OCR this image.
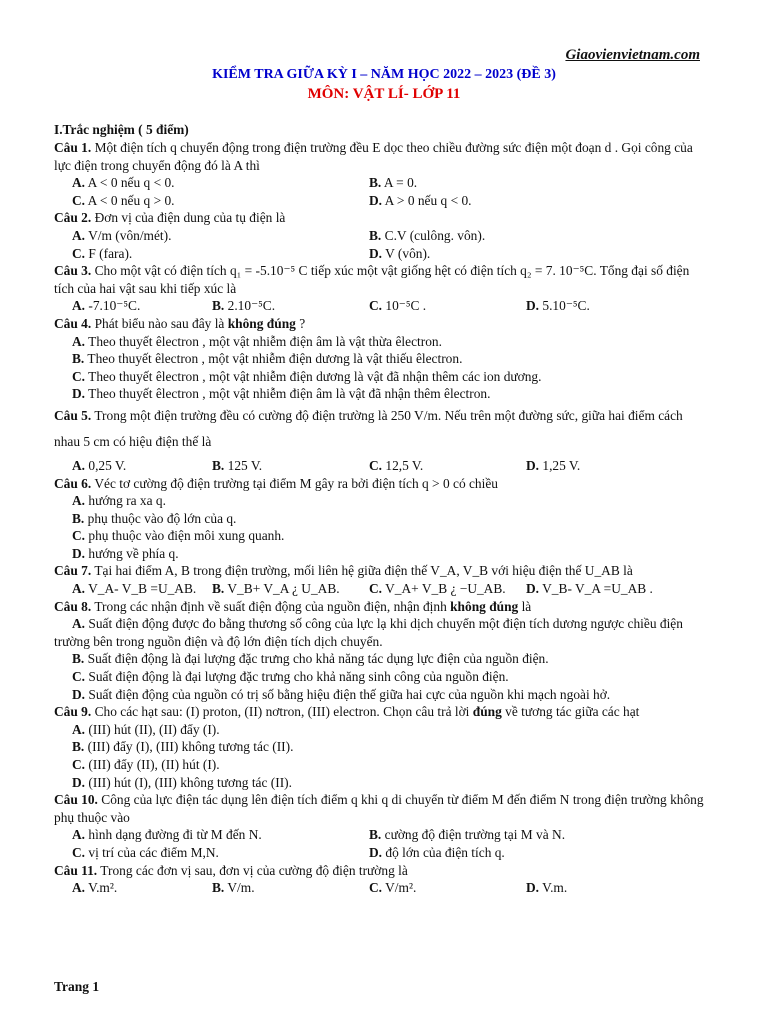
Giaovienvietnam.com
KIỂM TRA GIỮA KỲ I – NĂM HỌC 2022 – 2023 (ĐỀ 3)
MÔN: VẬT LÍ- LỚP 11
I.Trắc nghiệm ( 5 điểm)
Câu 1. Một điện tích q chuyển động trong điện trường đều E dọc theo chiều đường sức điện một đoạn d . Gọi công của lực điện trong chuyển động đó là A thì
A. A < 0 nếu q < 0.	B. A = 0.
C. A < 0 nếu q > 0.	D. A > 0 nếu q < 0.
Câu 2. Đơn vị của điện dung của tụ điện là
A. V/m (vôn/mét).	B. C.V (culông. vôn).
C. F (fara).	D. V (vôn).
Câu 3. Cho một vật có điện tích q₁ = -5.10⁻⁵ C tiếp xúc một vật giống hệt có điện tích q₂ = 7. 10⁻⁵C. Tổng đại số điện tích của hai vật sau khi tiếp xúc là
A. -7.10⁻⁵C.	B. 2.10⁻⁵C.	C. 10⁻⁵C .	D. 5.10⁻⁵C.
Câu 4. Phát biểu nào sau đây là không đúng ?
A. Theo thuyết êlectron , một vật nhiễm điện âm là vật thừa êlectron.
B. Theo thuyết êlectron , một vật nhiễm điện dương là vật thiếu êlectron.
C. Theo thuyết êlectron , một vật nhiễm điện dương là vật đã nhận thêm các ion dương.
D. Theo thuyết êlectron , một vật nhiễm điện âm là vật đã nhận thêm êlectron.
Câu 5. Trong một điện trường đều có cường độ điện trường là 250 V/m. Nếu trên một đường sức, giữa hai điểm cách nhau 5 cm có hiệu điện thế là
A. 0,25 V.	B. 125 V.	C. 12,5 V.	D. 1,25 V.
Câu 6. Véc tơ cường độ điện trường tại điểm M gây ra bởi điện tích q > 0 có chiều
A. hướng ra xa q.
B. phụ thuộc vào độ lớn của q.
C. phụ thuộc vào điện môi xung quanh.
D. hướng về phía q.
Câu 7. Tại hai điểm A, B trong điện trường, mối liên hệ giữa điện thế V_A, V_B với hiệu điện thế U_AB là
A. V_A- V_B =U_AB.	B. V_B+ V_A ¿ U_AB.	C. V_A+ V_B ¿ −U_AB.	D. V_B- V_A =U_AB .
Câu 8. Trong các nhận định về suất điện động của nguồn điện, nhận định không đúng là
A. Suất điện động được đo bằng thương số công của lực lạ khi dịch chuyển một điện tích dương ngược chiều điện trường bên trong nguồn điện và độ lớn điện tích dịch chuyển.
B. Suất điện động là đại lượng đặc trưng cho khả năng tác dụng lực điện của nguồn điện.
C. Suất điện động là đại lượng đặc trưng cho khả năng sinh công của nguồn điện.
D. Suất điện động của nguồn có trị số bằng hiệu điện thế giữa hai cực của nguồn khi mạch ngoài hở.
Câu 9. Cho các hạt sau: (I) proton, (II) nơtron, (III) electron. Chọn câu trả lời đúng về tương tác giữa các hạt
A. (III) hút (II), (II) đẩy (I).
B. (III) đẩy (I), (III) không tương tác (II).
C. (III) đẩy (II), (II) hút (I).
D. (III) hút (I), (III) không tương tác (II).
Câu 10. Công của lực điện tác dụng lên điện tích điểm q khi q di chuyển từ điểm M đến điểm N trong điện trường không phụ thuộc vào
A. hình dạng đường đi từ M đến N.	B. cường độ điện trường tại M và N.
C. vị trí của các điểm M,N.	D. độ lớn của điện tích q.
Câu 11. Trong các đơn vị sau, đơn vị của cường độ điện trường là
A. V.m².	B. V/m.	C. V/m².	D. V.m.
Trang 1
